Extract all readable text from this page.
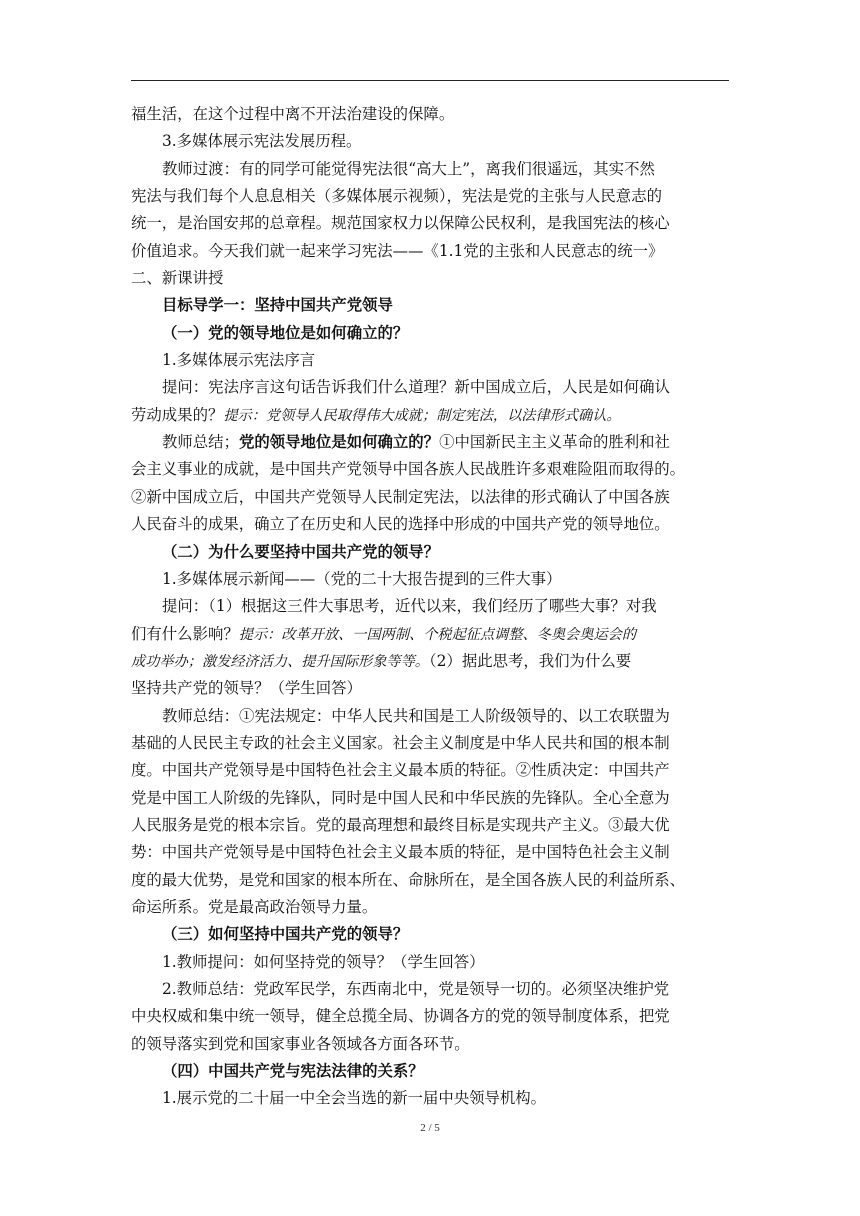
福生活，在这个过程中离不开法治建设的保障。
3.多媒体展示宪法发展历程。
教师过渡：有的同学可能觉得宪法很“高大上”，离我们很遥远，其实不然
宪法与我们每个人息息相关（多媒体展示视频），宪法是党的主张与人民意志的
统一，是治国安邦的总章程。规范国家权力以保障公民权利，是我国宪法的核心
价值追求。今天我们就一起来学习宪法——《1.1党的主张和人民意志的统一》
二、新课讲授
目标导学一：坚持中国共产党领导
（一）党的领导地位是如何确立的？
1.多媒体展示宪法序言
提问：宪法序言这句话告诉我们什么道理？新中国成立后，人民是如何确认
劳动成果的？提示：党领导人民取得伟大成就；制定宪法，以法律形式确认。
教师总结；党的领导地位是如何确立的？①中国新民主主义革命的胜利和社
会主义事业的成就，是中国共产党领导中国各族人民战胜许多艰难险阻而取得的。
②新中国成立后，中国共产党领导人民制定宪法，以法律的形式确认了中国各族
人民奋斗的成果，确立了在历史和人民的选择中形成的中国共产党的领导地位。
（二）为什么要坚持中国共产党的领导？
1.多媒体展示新闻——（党的二十大报告提到的三件大事）
提问：（1）根据这三件大事思考，近代以来，我们经历了哪些大事？对我
们有什么影响？提示：改革开放、一国两制、个税起征点调整、冬奥会奥运会的
成功举办；激发经济活力、提升国际形象等等。（2）据此思考，我们为什么要
坚持共产党的领导？（学生回答）
教师总结：①宪法规定：中华人民共和国是工人阶级领导的、以工农联盟为
基础的人民民主专政的社会主义国家。社会主义制度是中华人民共和国的根本制
度。中国共产党领导是中国特色社会主义最本质的特征。②性质决定：中国共产
党是中国工人阶级的先锋队，同时是中国人民和中华民族的先锋队。全心全意为
人民服务是党的根本宗旨。党的最高理想和最终目标是实现共产主义。③最大优
势：中国共产党领导是中国特色社会主义最本质的特征，是中国特色社会主义制
度的最大优势，是党和国家的根本所在、命脉所在，是全国各族人民的利益所系、
命运所系。党是最高政治领导力量。
（三）如何坚持中国共产党的领导？
1.教师提问：如何坚持党的领导？（学生回答）
2.教师总结：党政军民学，东西南北中，党是领导一切的。必须坚决维护党
中央权威和集中统一领导，健全总揽全局、协调各方的党的领导制度体系，把党
的领导落实到党和国家事业各领域各方面各环节。
（四）中国共产党与宪法法律的关系？
1.展示党的二十届一中全会当选的新一届中央领导机构。
2 / 5
